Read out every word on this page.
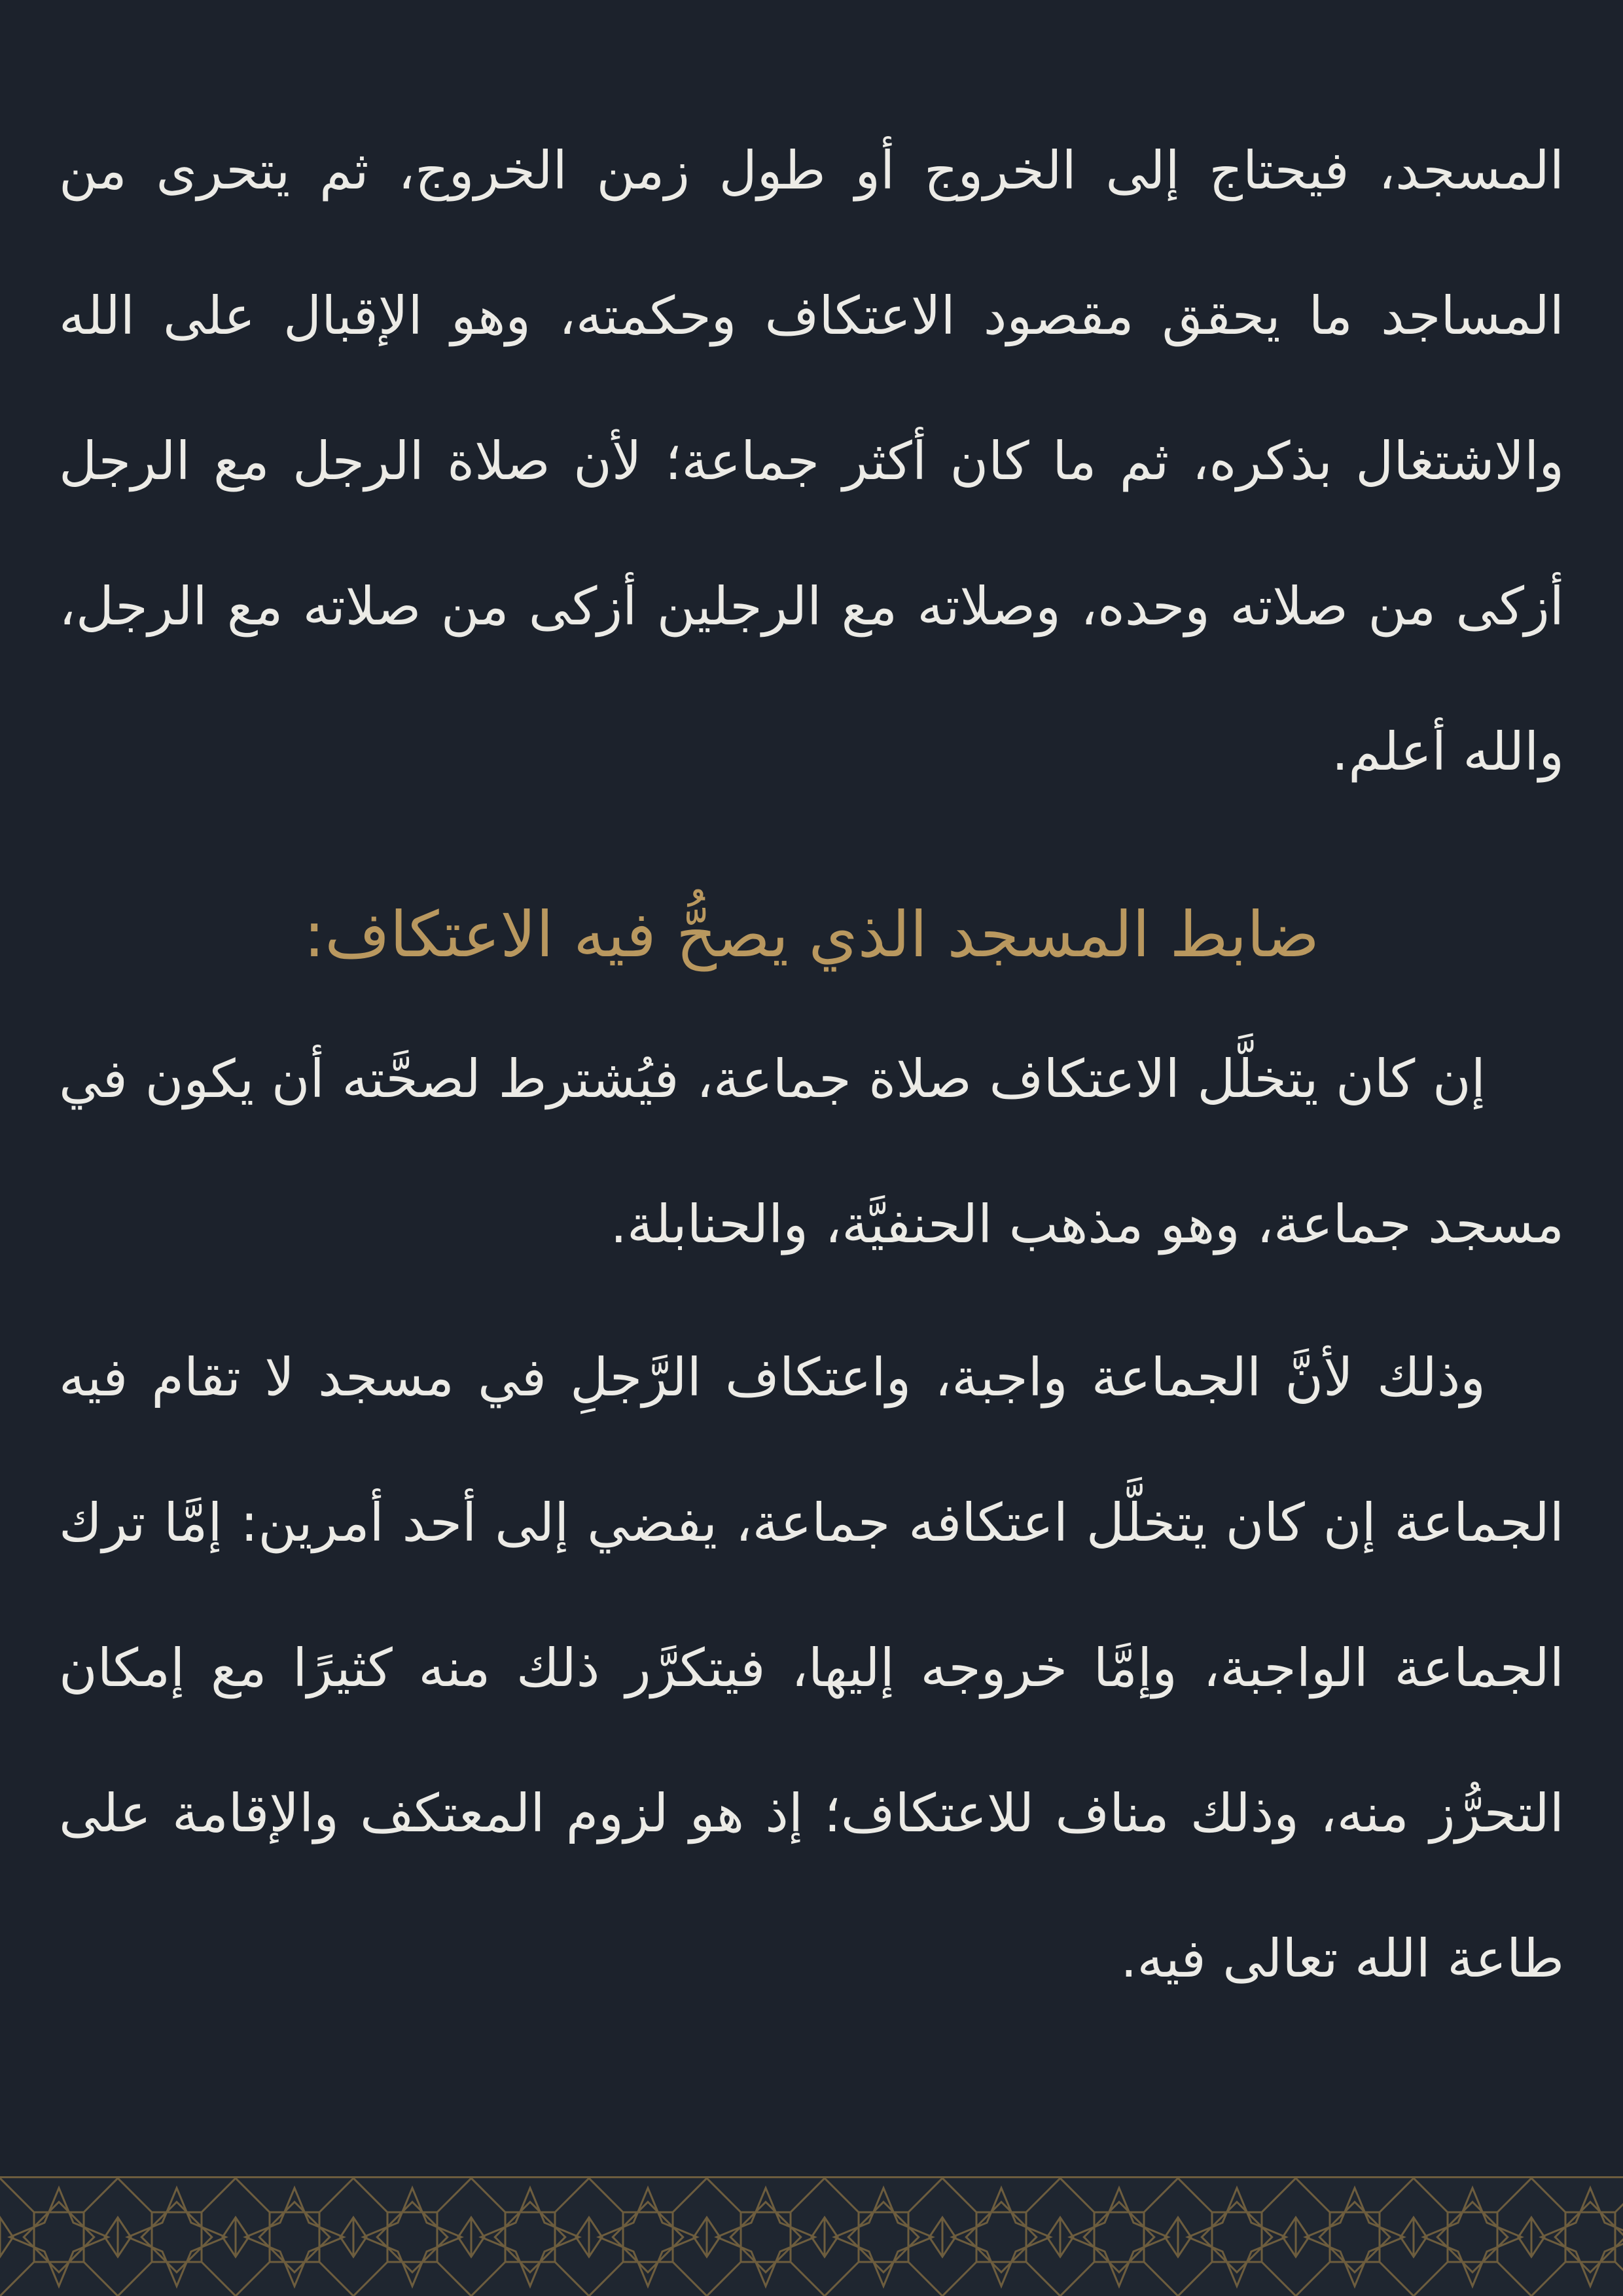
المسجد، فيحتاج إلى الخروج أو طول زمن الخروج، ثم يتحرى من المساجد ما يحقق مقصود الاعتكاف وحكمته، وهو الإقبال على الله والاشتغال بذكره، ثم ما كان أكثر جماعة؛ لأن صلاة الرجل مع الرجل أزكى من صلاته وحده، وصلاته مع الرجلين أزكى من صلاته مع الرجل، والله أعلم.

ضابط المسجد الذي يصحُّ فيه الاعتكاف:

إن كان يتخلَّل الاعتكاف صلاة جماعة، فيُشترط لصحَّته أن يكون في مسجد جماعة، وهو مذهب الحنفيَّة، والحنابلة.

وذلك لأنَّ الجماعة واجبة، واعتكاف الرَّجلِ في مسجد لا تقام فيه الجماعة إن كان يتخلَّل اعتكافه جماعة، يفضي إلى أحد أمرين: إمَّا ترك الجماعة الواجبة، وإمَّا خروجه إليها، فيتكرَّر ذلك منه كثيرًا مع إمكان التحرُّز منه، وذلك مناف للاعتكاف؛ إذ هو لزوم المعتكف والإقامة على طاعة الله تعالى فيه.
